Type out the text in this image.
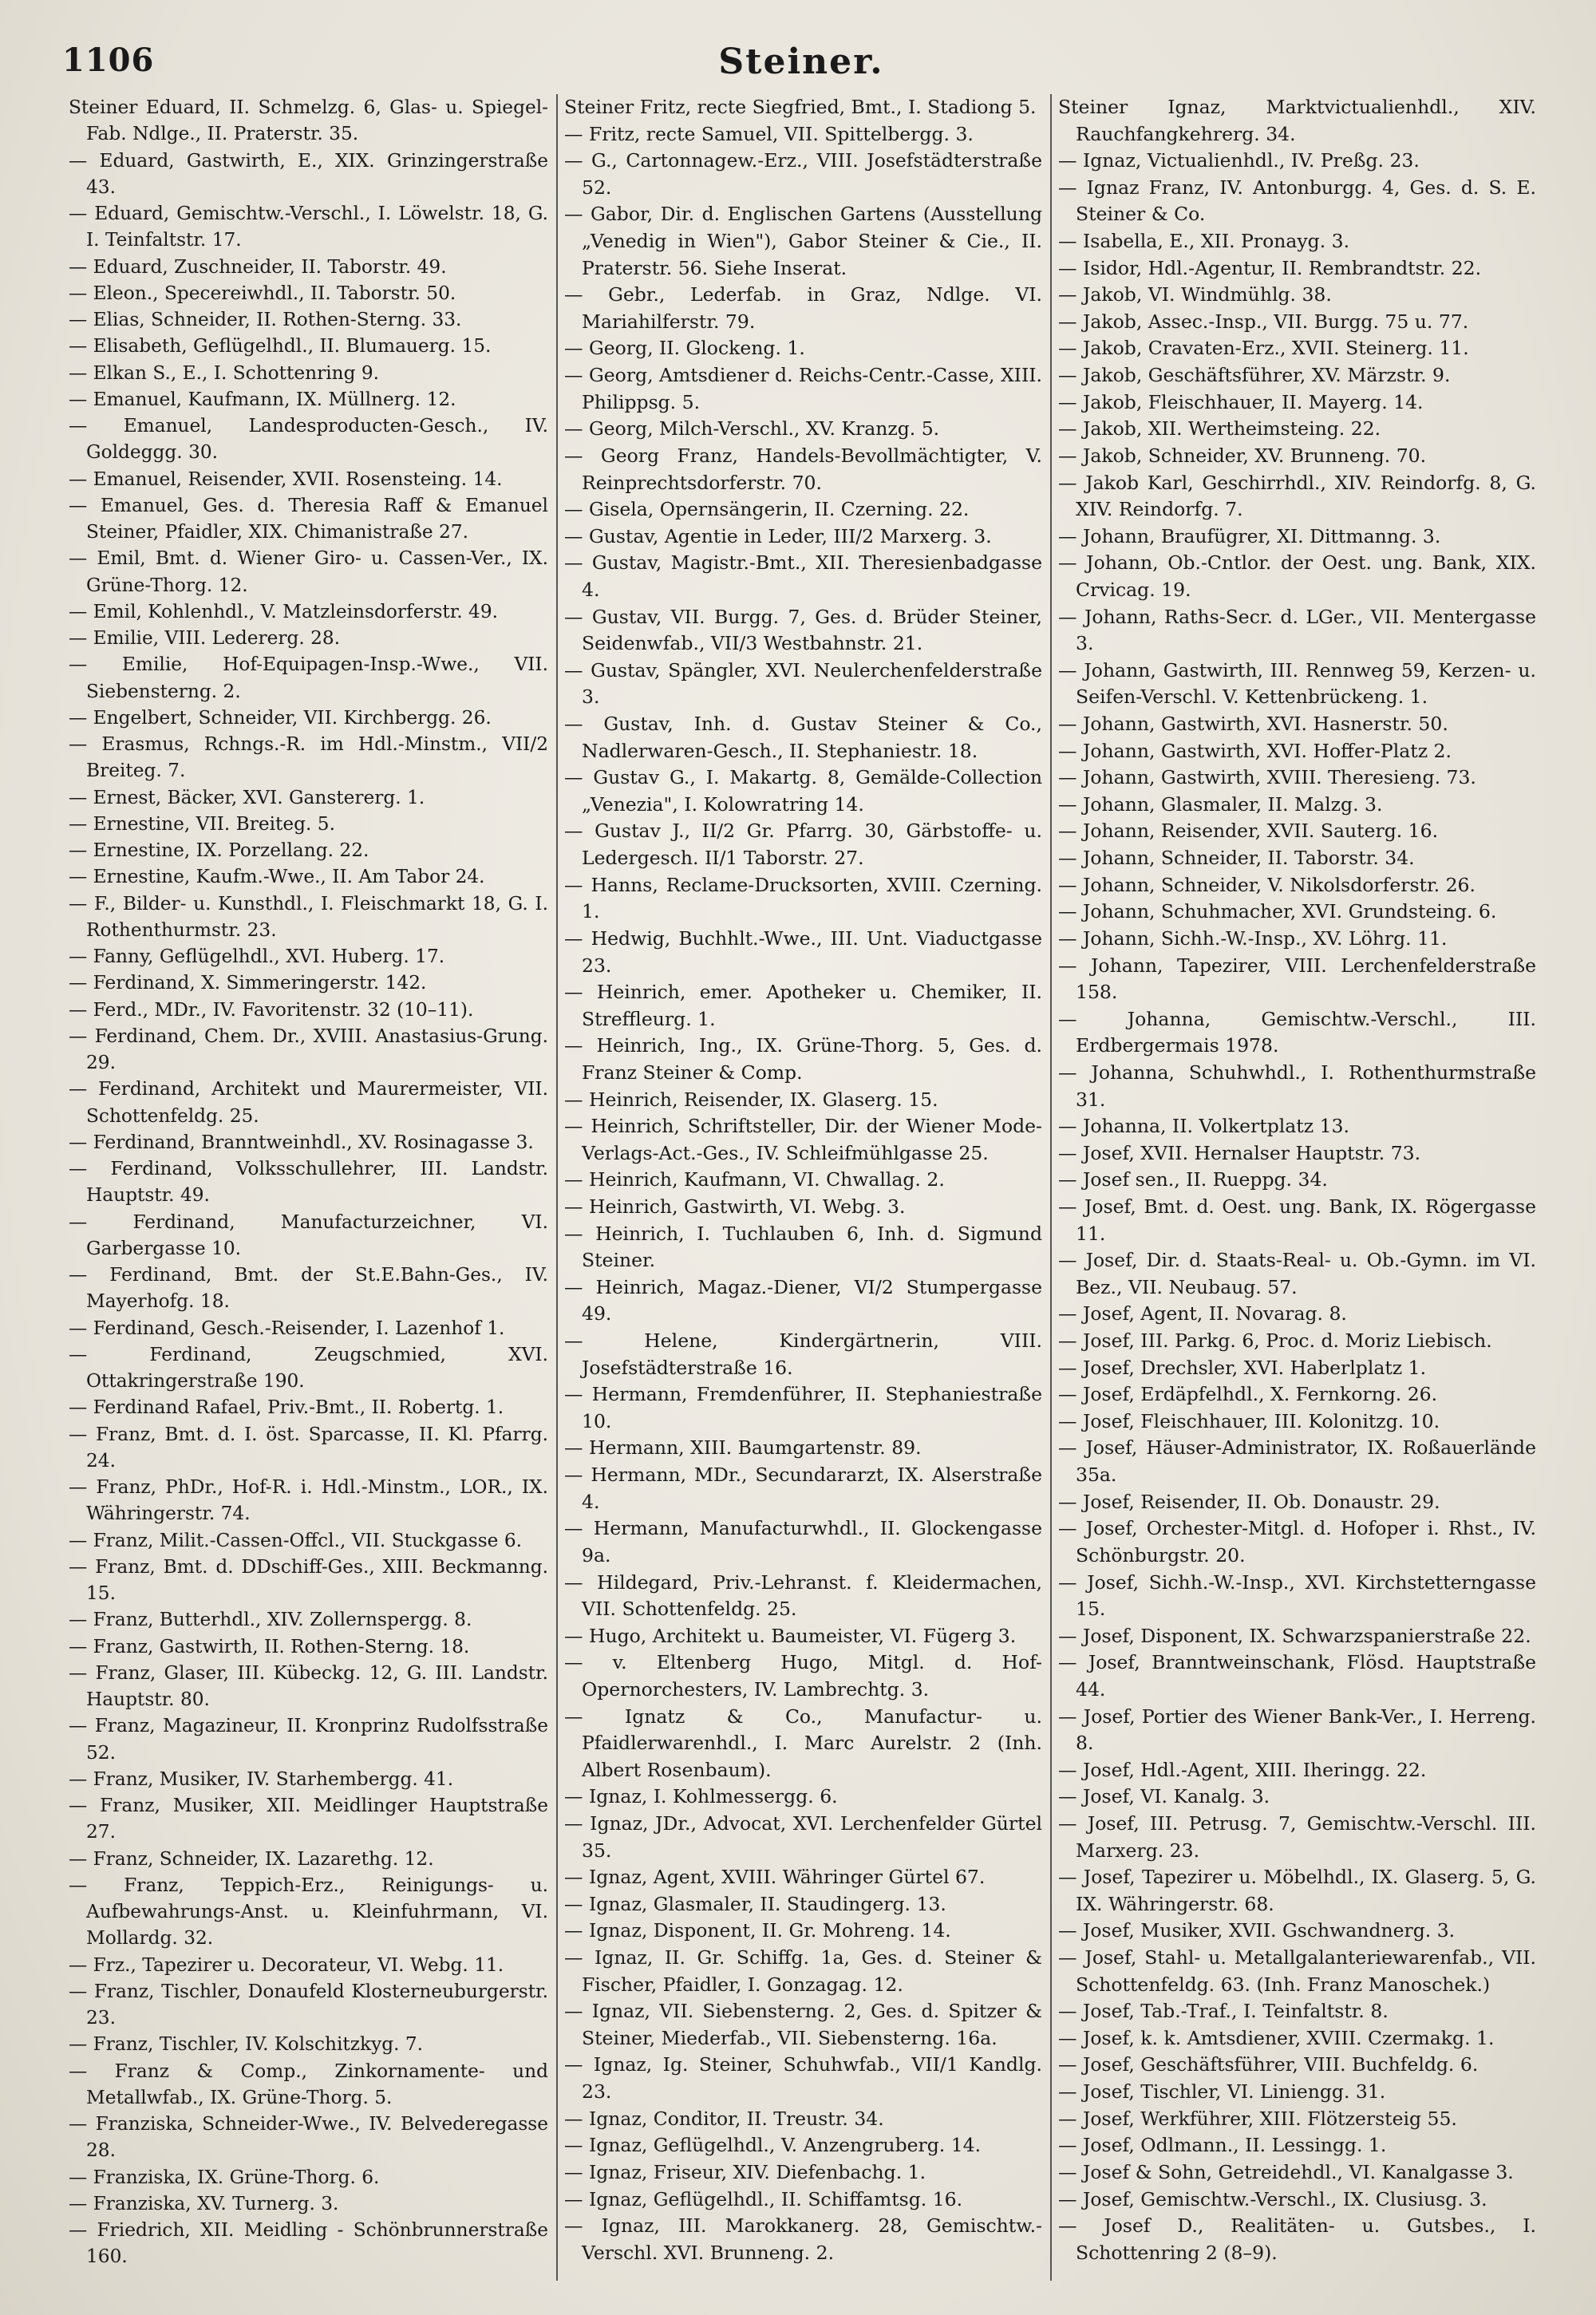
1106	Steiner.
Steiner Eduard, II. Schmelzg. 6, Glas- u. Spiegel-Fab. Ndlge., II. Praterstr. 35.
— Eduard, Gastwirth, E., XIX. Grinzingerstraße 43.
— Eduard, Gemischtw.-Verschl., I. Löwelstr. 18, G. I. Teinfaltstr. 17.
— Eduard, Zuschneider, II. Taborstr. 49.
— Eleon., Specereiwhdl., II. Taborstr. 50.
— Elias, Schneider, II. Rothen-Sterng. 33.
— Elisabeth, Geflügelhdl., II. Blumauerg. 15.
— Elkan S., E., I. Schottenring 9.
— Emanuel, Kaufmann, IX. Müllnerg. 12.
— Emanuel, Landesproducten-Gesch., IV. Goldeggg. 30.
— Emanuel, Reisender, XVII. Rosensteing. 14.
— Emanuel, Ges. d. Theresia Raff & Emanuel Steiner, Pfaidler, XIX. Chimanistraße 27.
— Emil, Bmt. d. Wiener Giro- u. Cassen-Ver., IX. Grüne-Thorg. 12.
— Emil, Kohlenhdl., V. Matzleinsdorferstr. 49.
— Emilie, VIII. Ledererg. 28.
— Emilie, Hof-Equipagen-Insp.-Wwe., VII. Siebensterng. 2.
— Engelbert, Schneider, VII. Kirchbergg. 26.
— Erasmus, Rchngs.-R. im Hdl.-Minstm., VII/2 Breiteg. 7.
— Ernest, Bäcker, XVI. Ganstererg. 1.
— Ernestine, VII. Breiteg. 5.
— Ernestine, IX. Porzellang. 22.
— Ernestine, Kaufm.-Wwe., II. Am Tabor 24.
— F., Bilder- u. Kunsthdl., I. Fleischmarkt 18, G. I. Rothenthurmstr. 23.
— Fanny, Geflügelhdl., XVI. Huberg. 17.
— Ferdinand, X. Simmeringerstr. 142.
— Ferd., MDr., IV. Favoritenstr. 32 (10–11).
— Ferdinand, Chem. Dr., XVIII. Anastasius-Grung. 29.
— Ferdinand, Architekt und Maurermeister, VII. Schottenfeldg. 25.
— Ferdinand, Branntweinhdl., XV. Rosinagasse 3.
— Ferdinand, Volksschullehrer, III. Landstr. Hauptstr. 49.
— Ferdinand, Manufacturzeichner, VI. Garbergasse 10.
— Ferdinand, Bmt. der St.E.Bahn-Ges., IV. Mayerhofg. 18.
— Ferdinand, Gesch.-Reisender, I. Lazenhof 1.
— Ferdinand, Zeugschmied, XVI. Ottakringerstraße 190.
— Ferdinand Rafael, Priv.-Bmt., II. Robertg. 1.
— Franz, Bmt. d. I. öst. Sparcasse, II. Kl. Pfarrg. 24.
— Franz, PhDr., Hof-R. i. Hdl.-Minstm., LOR., IX. Währingerstr. 74.
— Franz, Milit.-Cassen-Offcl., VII. Stuckgasse 6.
— Franz, Bmt. d. DDschiff-Ges., XIII. Beckmanng. 15.
— Franz, Butterhdl., XIV. Zollernspergg. 8.
— Franz, Gastwirth, II. Rothen-Sterng. 18.
— Franz, Glaser, III. Kübeckg. 12, G. III. Landstr. Hauptstr. 80.
— Franz, Magazineur, II. Kronprinz Rudolfsstraße 52.
— Franz, Musiker, IV. Starhembergg. 41.
— Franz, Musiker, XII. Meidlinger Hauptstraße 27.
— Franz, Schneider, IX. Lazarethg. 12.
— Franz, Teppich-Erz., Reinigungs- u. Aufbewahrungs-Anst. u. Kleinfuhrmann, VI. Mollardg. 32.
— Frz., Tapezirer u. Decorateur, VI. Webg. 11.
— Franz, Tischler, Donaufeld Klosterneuburgerstr. 23.
— Franz, Tischler, IV. Kolschitzkyg. 7.
— Franz & Comp., Zinkornamente- und Metallwfab., IX. Grüne-Thorg. 5.
— Franziska, Schneider-Wwe., IV. Belvederegasse 28.
— Franziska, IX. Grüne-Thorg. 6.
— Franziska, XV. Turnerg. 3.
— Friedrich, XII. Meidling - Schönbrunnerstraße 160.
Steiner Fritz, recte Siegfried, Bmt., I. Stadiong 5.
— Fritz, recte Samuel, VII. Spittelbergg. 3.
— G., Cartonnagew.-Erz., VIII. Josefstädterstraße 52.
— Gabor, Dir. d. Englischen Gartens (Ausstellung „Venedig in Wien"), Gabor Steiner & Cie., II. Praterstr. 56. Siehe Inserat.
— Gebr., Lederfab. in Graz, Ndlge. VI. Mariahilferstr. 79.
— Georg, II. Glockeng. 1.
— Georg, Amtsdiener d. Reichs-Centr.-Casse, XIII. Philippsg. 5.
— Georg, Milch-Verschl., XV. Kranzg. 5.
— Georg Franz, Handels-Bevollmächtigter, V. Reinprechtsdorferstr. 70.
— Gisela, Opernsängerin, II. Czerning. 22.
— Gustav, Agentie in Leder, III/2 Marxerg. 3.
— Gustav, Magistr.-Bmt., XII. Theresienbadgasse 4.
— Gustav, VII. Burgg. 7, Ges. d. Brüder Steiner, Seidenwfab., VII/3 Westbahnstr. 21.
— Gustav, Spängler, XVI. Neulerchenfelderstraße 3.
— Gustav, Inh. d. Gustav Steiner & Co., Nadlerwaren-Gesch., II. Stephaniestr. 18.
— Gustav G., I. Makartg. 8, Gemälde-Collection „Venezia", I. Kolowratring 14.
— Gustav J., II/2 Gr. Pfarrg. 30, Gärbstoffe- u. Ledergesch. II/1 Taborstr. 27.
— Hanns, Reclame-Drucksorten, XVIII. Czerning. 1.
— Hedwig, Buchhlt.-Wwe., III. Unt. Viaductgasse 23.
— Heinrich, emer. Apotheker u. Chemiker, II. Streffleurg. 1.
— Heinrich, Ing., IX. Grüne-Thorg. 5, Ges. d. Franz Steiner & Comp.
— Heinrich, Reisender, IX. Glaserg. 15.
— Heinrich, Schriftsteller, Dir. der Wiener Mode-Verlags-Act.-Ges., IV. Schleifmühlgasse 25.
— Heinrich, Kaufmann, VI. Chwallag. 2.
— Heinrich, Gastwirth, VI. Webg. 3.
— Heinrich, I. Tuchlauben 6, Inh. d. Sigmund Steiner.
— Heinrich, Magaz.-Diener, VI/2 Stumpergasse 49.
— Helene, Kindergärtnerin, VIII. Josefstädterstraße 16.
— Hermann, Fremdenführer, II. Stephaniestraße 10.
— Hermann, XIII. Baumgartenstr. 89.
— Hermann, MDr., Secundararzt, IX. Alserstraße 4.
— Hermann, Manufacturwhdl., II. Glockengasse 9a.
— Hildegard, Priv.-Lehranst. f. Kleidermachen, VII. Schottenfeldg. 25.
— Hugo, Architekt u. Baumeister, VI. Fügerg 3.
— v. Eltenberg Hugo, Mitgl. d. Hof-Opernorchesters, IV. Lambrechtg. 3.
— Ignatz & Co., Manufactur- u. Pfaidlerwarenhdl., I. Marc Aurelstr. 2 (Inh. Albert Rosenbaum).
— Ignaz, I. Kohlmessergg. 6.
— Ignaz, JDr., Advocat, XVI. Lerchenfelder Gürtel 35.
— Ignaz, Agent, XVIII. Währinger Gürtel 67.
— Ignaz, Glasmaler, II. Staudingerg. 13.
— Ignaz, Disponent, II. Gr. Mohreng. 14.
— Ignaz, II. Gr. Schiffg. 1a, Ges. d. Steiner & Fischer, Pfaidler, I. Gonzagag. 12.
— Ignaz, VII. Siebensterng. 2, Ges. d. Spitzer & Steiner, Miederfab., VII. Siebensterng. 16a.
— Ignaz, Ig. Steiner, Schuhwfab., VII/1 Kandlg. 23.
— Ignaz, Conditor, II. Treustr. 34.
— Ignaz, Geflügelhdl., V. Anzengruberg. 14.
— Ignaz, Friseur, XIV. Diefenbachg. 1.
— Ignaz, Geflügelhdl., II. Schiffamtsg. 16.
— Ignaz, III. Marokkanerg. 28, Gemischtw.-Verschl. XVI. Brunneng. 2.
Steiner Ignaz, Marktvictualienhdl., XIV. Rauchfangkehrerg. 34.
— Ignaz, Victualienhdl., IV. Preßg. 23.
— Ignaz Franz, IV. Antonburgg. 4, Ges. d. S. E. Steiner & Co.
— Isabella, E., XII. Pronayg. 3.
— Isidor, Hdl.-Agentur, II. Rembrandtstr. 22.
— Jakob, VI. Windmühlg. 38.
— Jakob, Assec.-Insp., VII. Burgg. 75 u. 77.
— Jakob, Cravaten-Erz., XVII. Steinerg. 11.
— Jakob, Geschäftsführer, XV. Märzstr. 9.
— Jakob, Fleischhauer, II. Mayerg. 14.
— Jakob, XII. Wertheimsteing. 22.
— Jakob, Schneider, XV. Brunneng. 70.
— Jakob Karl, Geschirrhdl., XIV. Reindorfg. 8, G. XIV. Reindorfg. 7.
— Johann, Braufügrer, XI. Dittmanng. 3.
— Johann, Ob.-Cntlor. der Oest. ung. Bank, XIX. Crvicag. 19.
— Johann, Raths-Secr. d. LGer., VII. Mentergasse 3.
— Johann, Gastwirth, III. Rennweg 59, Kerzen- u. Seifen-Verschl. V. Kettenbrückeng. 1.
— Johann, Gastwirth, XVI. Hasnerstr. 50.
— Johann, Gastwirth, XVI. Hoffer-Platz 2.
— Johann, Gastwirth, XVIII. Theresieng. 73.
— Johann, Glasmaler, II. Malzg. 3.
— Johann, Reisender, XVII. Sauterg. 16.
— Johann, Schneider, II. Taborstr. 34.
— Johann, Schneider, V. Nikolsdorferstr. 26.
— Johann, Schuhmacher, XVI. Grundsteing. 6.
— Johann, Sichh.-W.-Insp., XV. Löhrg. 11.
— Johann, Tapezirer, VIII. Lerchenfelderstraße 158.
— Johanna, Gemischtw.-Verschl., III. Erdbergermais 1978.
— Johanna, Schuhwhdl., I. Rothenthurmstraße 31.
— Johanna, II. Volkertplatz 13.
— Josef, XVII. Hernalser Hauptstr. 73.
— Josef sen., II. Rueppg. 34.
— Josef, Bmt. d. Oest. ung. Bank, IX. Rögergasse 11.
— Josef, Dir. d. Staats-Real- u. Ob.-Gymn. im VI. Bez., VII. Neubaug. 57.
— Josef, Agent, II. Novarag. 8.
— Josef, III. Parkg. 6, Proc. d. Moriz Liebisch.
— Josef, Drechsler, XVI. Haberlplatz 1.
— Josef, Erdäpfelhdl., X. Fernkorng. 26.
— Josef, Fleischhauer, III. Kolonitzg. 10.
— Josef, Häuser-Administrator, IX. Roßauerlände 35a.
— Josef, Reisender, II. Ob. Donaustr. 29.
— Josef, Orchester-Mitgl. d. Hofoper i. Rhst., IV. Schönburgstr. 20.
— Josef, Sichh.-W.-Insp., XVI. Kirchstetterngasse 15.
— Josef, Disponent, IX. Schwarzspanierstraße 22.
— Josef, Branntweinschank, Flösd. Hauptstraße 44.
— Josef, Portier des Wiener Bank-Ver., I. Herreng. 8.
— Josef, Hdl.-Agent, XIII. Iheringg. 22.
— Josef, VI. Kanalg. 3.
— Josef, III. Petrusg. 7, Gemischtw.-Verschl. III. Marxerg. 23.
— Josef, Tapezirer u. Möbelhdl., IX. Glaserg. 5, G. IX. Währingerstr. 68.
— Josef, Musiker, XVII. Gschwandnerg. 3.
— Josef, Stahl- u. Metallgalanteriewarenfab., VII. Schottenfeldg. 63. (Inh. Franz Manoschek.)
— Josef, Tab.-Traf., I. Teinfaltstr. 8.
— Josef, k. k. Amtsdiener, XVIII. Czermakg. 1.
— Josef, Geschäftsführer, VIII. Buchfeldg. 6.
— Josef, Tischler, VI. Liniengg. 31.
— Josef, Werkführer, XIII. Flötzersteig 55.
— Josef, Odlmann., II. Lessingg. 1.
— Josef & Sohn, Getreidehdl., VI. Kanalgasse 3.
— Josef, Gemischtw.-Verschl., IX. Clusiusg. 3.
— Josef D., Realitäten- u. Gutsbes., I. Schottenring 2 (8–9).
